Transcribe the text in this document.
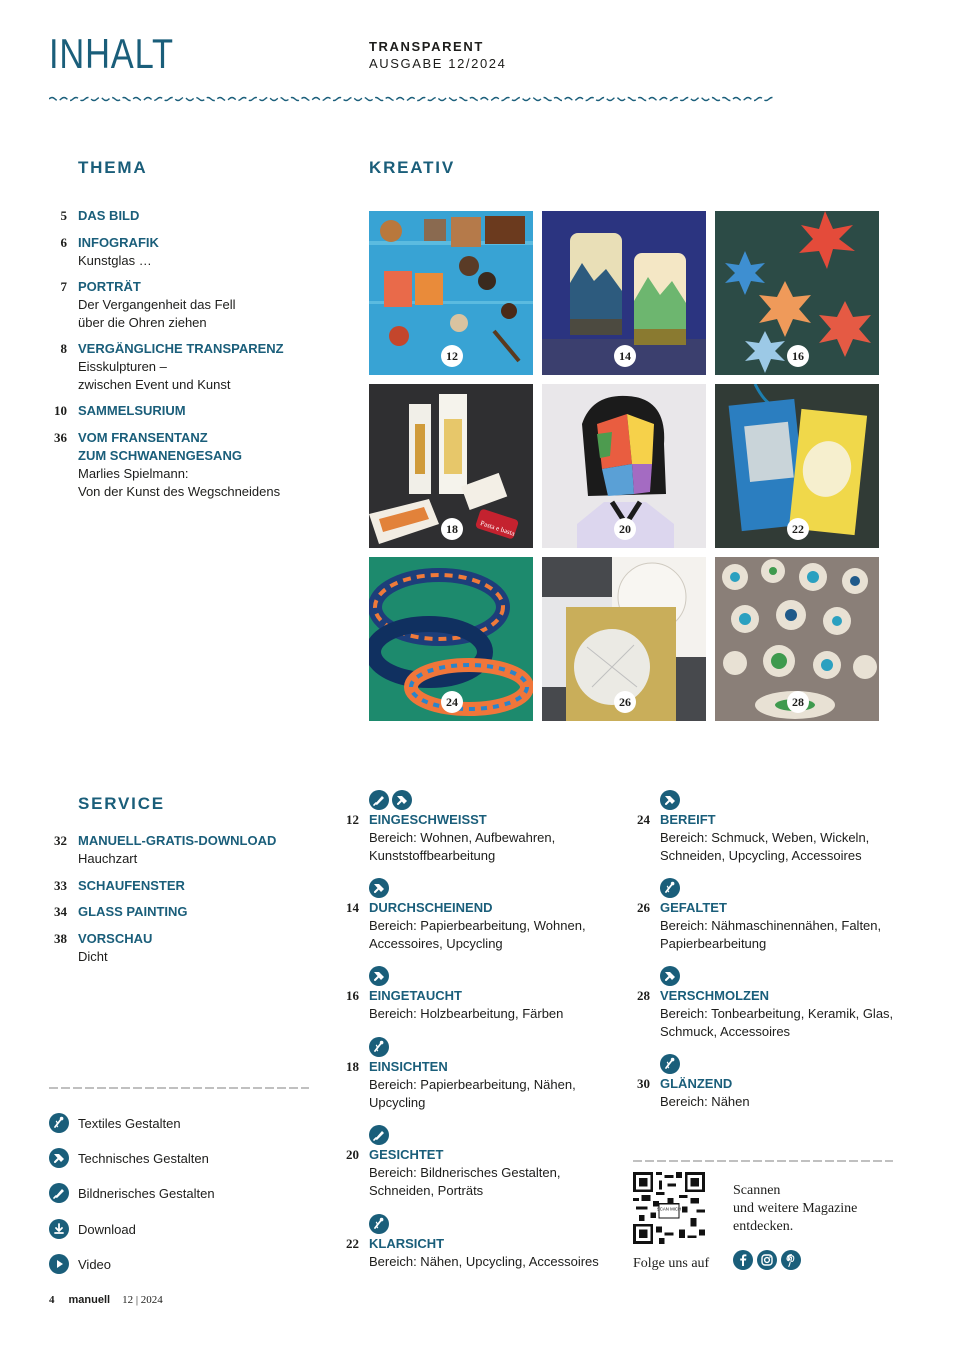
INHALT	TRANSPARENT
AUSGABE 12/2024
THEMA
5 DAS BILD
6 INFOGRAFIK
Kunstglas …
7 PORTRÄT
Der Vergangenheit das Fell
über die Ohren ziehen
8 VERGÄNGLICHE TRANSPARENZ
Eisskulpturen –
zwischen Event und Kunst
10 SAMMELSURIUM
36 VOM FRANSENTANZ
ZUM SCHWANENGESANG
Marlies Spielmann:
Von der Kunst des Wegschneidens
KREATIV
12	14	16
Pasta e basta
18	20	22
24	26	28
SERVICE
32 MANUELL-GRATIS-DOWNLOAD
Hauchzart
33 SCHAUFENSTER
34 GLASS PAINTING
38 VORSCHAU
Dicht
Textiles Gestalten
Technisches Gestalten
Bildnerisches Gestalten
Download
Video
12 EINGESCHWEISST
Bereich: Wohnen, Aufbewahren,
Kunststoffbearbeitung
14 DURCHSCHEINEND
Bereich: Papierbearbeitung, Wohnen,
Accessoires, Upcycling
16 EINGETAUCHT
Bereich: Holzbearbeitung, Färben
18 EINSICHTEN
Bereich: Papierbearbeitung, Nähen,
Upcycling
20 GESICHTET
Bereich: Bildnerisches Gestalten,
Schneiden, Porträts
22 KLARSICHT
Bereich: Nähen, Upcycling, Accessoires
24 BEREIFT
Bereich: Schmuck, Weben, Wickeln,
Schneiden, Upcycling, Accessoires
26 GEFALTET
Bereich: Nähmaschinennähen, Falten,
Papierbearbeitung
28 VERSCHMOLZEN
Bereich: Tonbearbeitung, Keramik, Glas,
Schmuck, Accessoires
30 GLÄNZEND
Bereich: Nähen
SCAN MICH
Scannen
und weitere Magazine
entdecken.
Folge uns auf
4 manuell 12 | 2024
